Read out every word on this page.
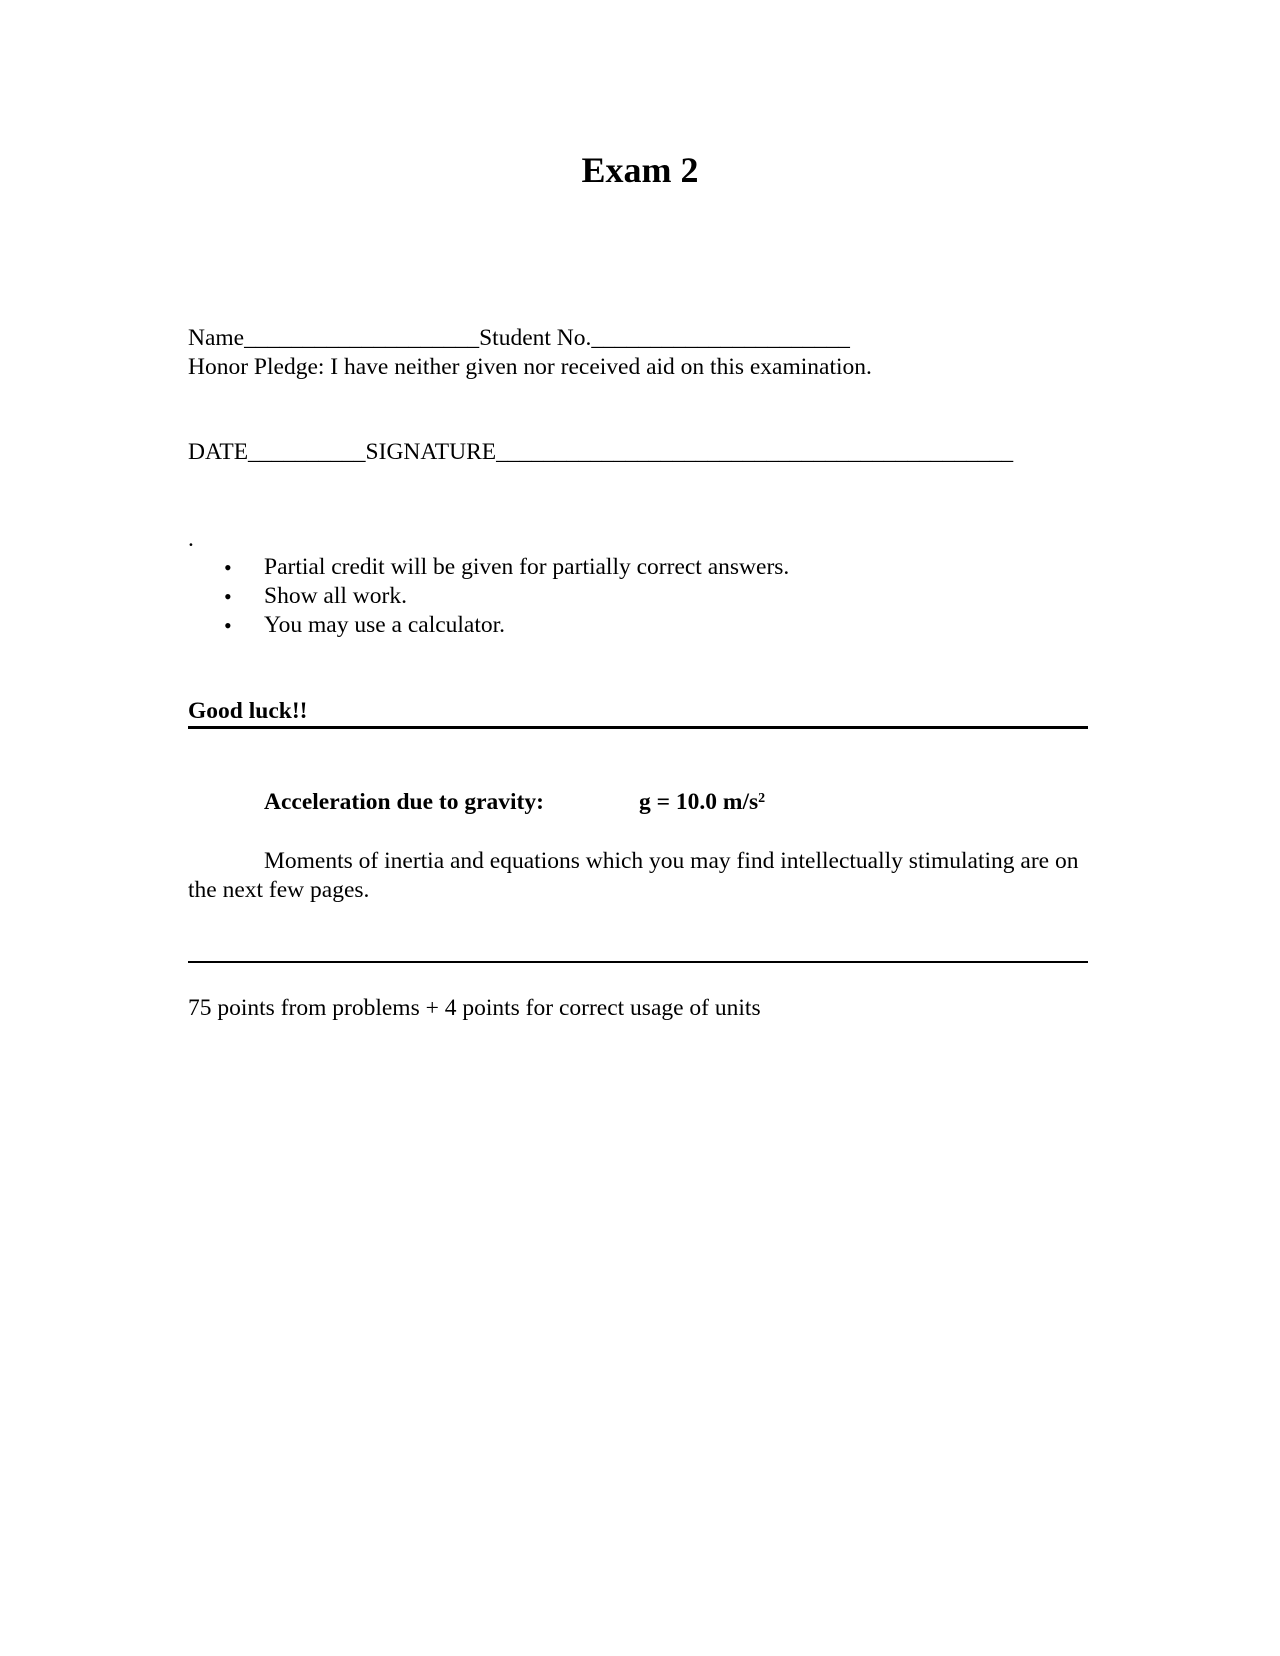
Exam 2
Name____________________Student No.______________________
Honor Pledge: I have neither given nor received aid on this examination.
DATE__________SIGNATURE____________________________________________
.
• Partial credit will be given for partially correct answers.
• Show all work.
• You may use a calculator.
Good luck!!
Acceleration due to gravity:	g = 10.0 $m/s^2$
Moments of inertia and equations which you may find intellectually stimulating are on the next few pages.
75 points from problems + 4 points for correct usage of units
